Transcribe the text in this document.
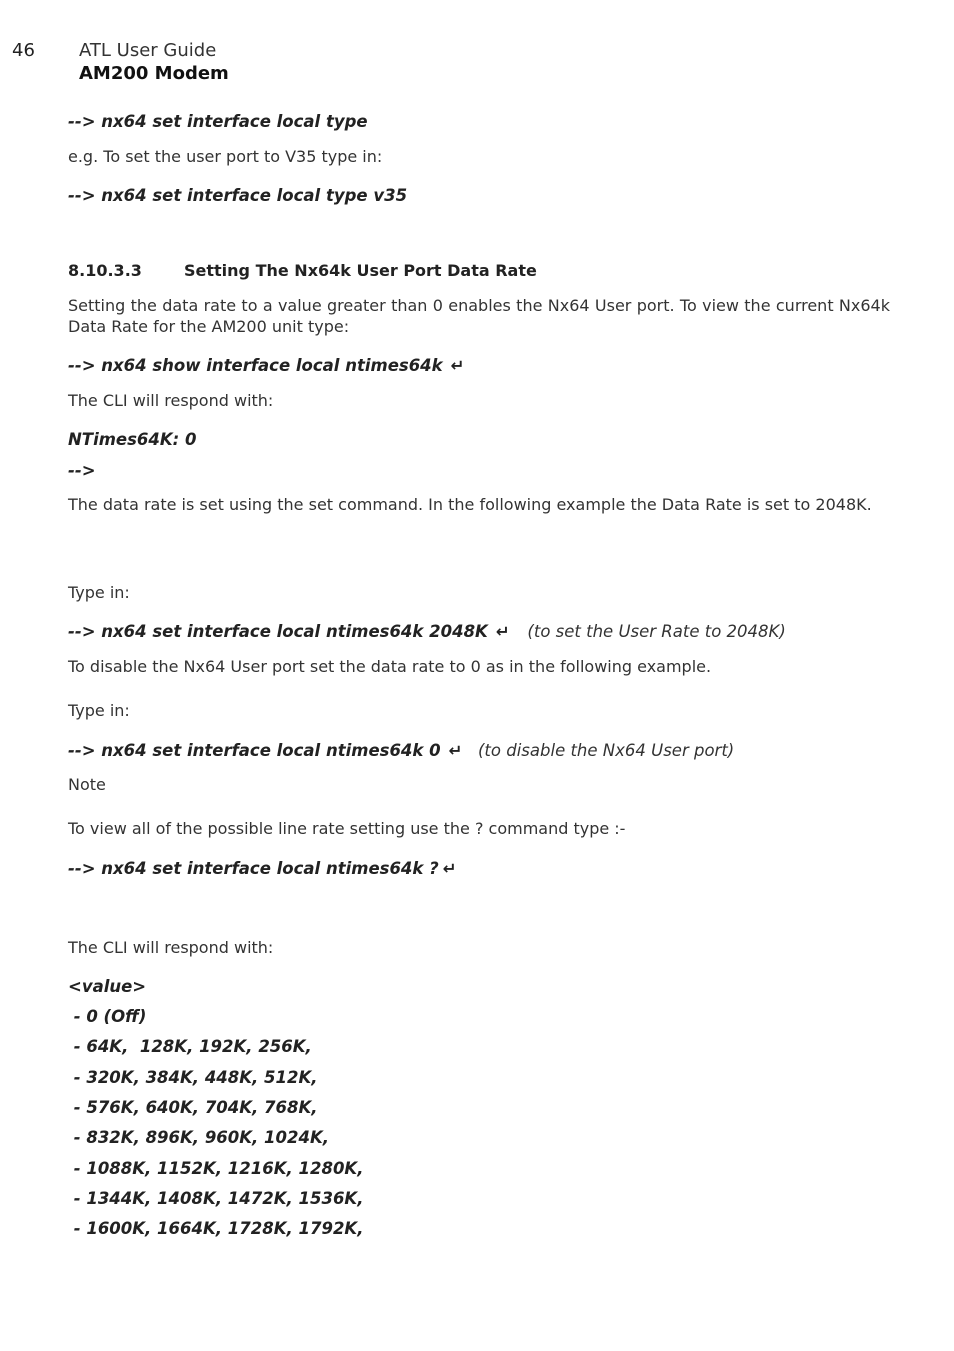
46 ATL User Guide
AM200 Modem
--> nx64 set interface local type
e.g. To set the user port to V35 type in:
--> nx64 set interface local type v35
8.10.3.3	Setting The Nx64k User Port Data Rate
Setting the data rate to a value greater than 0 enables the Nx64 User port. To view the current Nx64k Data Rate for the AM200 unit type:
--> nx64 show interface local ntimes64k ↵
The CLI will respond with:
NTimes64K: 0
-->
The data rate is set using the set command. In the following example the Data Rate is set to 2048K.
Type in:
--> nx64 set interface local ntimes64k 2048K ↵ (to set the User Rate to 2048K)
To disable the Nx64 User port set the data rate to 0 as in the following example.
Type in:
--> nx64 set interface local ntimes64k 0 ↵ (to disable the Nx64 User port)
Note
To view all of the possible line rate setting use the ? command type :-
--> nx64 set interface local ntimes64k ? ↵
The CLI will respond with:
<value>
- 0 (Off)
- 64K,  128K, 192K, 256K,
- 320K, 384K, 448K, 512K,
- 576K, 640K, 704K, 768K,
- 832K, 896K, 960K, 1024K,
- 1088K, 1152K, 1216K, 1280K,
- 1344K, 1408K, 1472K, 1536K,
- 1600K, 1664K, 1728K, 1792K,
